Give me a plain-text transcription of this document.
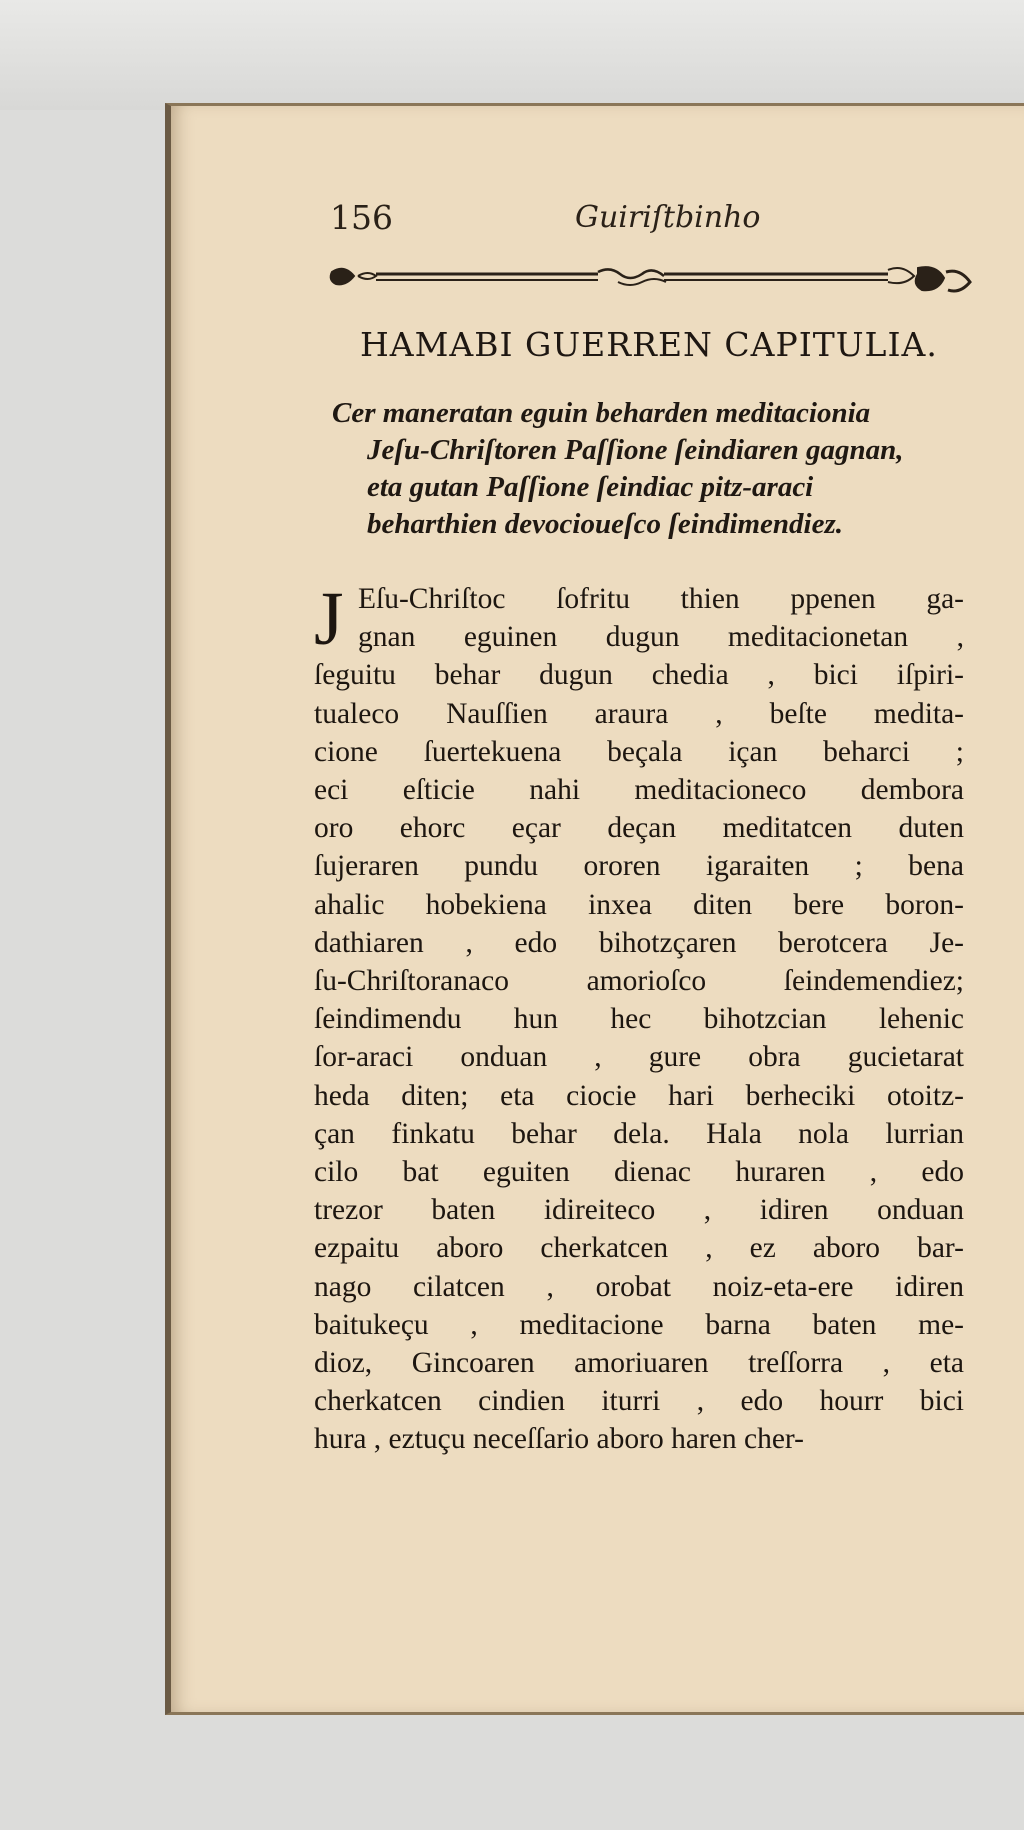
156	Guiriſtbinho
HAMABI GUERREN CAPITULIA.
Cer maneratan eguin beharden meditacionia
Jeſu-Chriſtoren Paſſione ſeindiaren gagnan,
eta gutan Paſſione ſeindiac pitz-araci
beharthien devocioueſco ſeindimendiez.
J Eſu-Chriſtoc ſofritu thien ppenen ga-
gnan eguinen dugun meditacionetan ,
ſeguitu behar dugun chedia , bici iſpiri-
tualeco Nauſſien araura , beſte medita-
cione ſuertekuena beçala içan beharci ;
eci eſticie nahi meditacioneco dembora
oro ehorc eçar deçan meditatcen duten
ſujeraren pundu ororen igaraiten ; bena
ahalic hobekiena inxea diten bere boron-
dathiaren , edo bihotzçaren berotcera Je-
ſu-Chriſtoranaco amorioſco ſeindemendiez;
ſeindimendu hun hec bihotzcian lehenic
ſor-araci onduan , gure obra gucietarat
heda diten; eta ciocie hari berheciki otoitz-
çan finkatu behar dela. Hala nola lurrian
cilo bat eguiten dienac huraren , edo
trezor baten idireiteco , idiren onduan
ezpaitu aboro cherkatcen , ez aboro bar-
nago cilatcen , orobat noiz-eta-ere idiren
baitukeçu , meditacione barna baten me-
dioz, Gincoaren amoriuaren treſſorra , eta
cherkatcen cindien iturri , edo hourr bici
hura , eztuçu neceſſario aboro haren cher-
